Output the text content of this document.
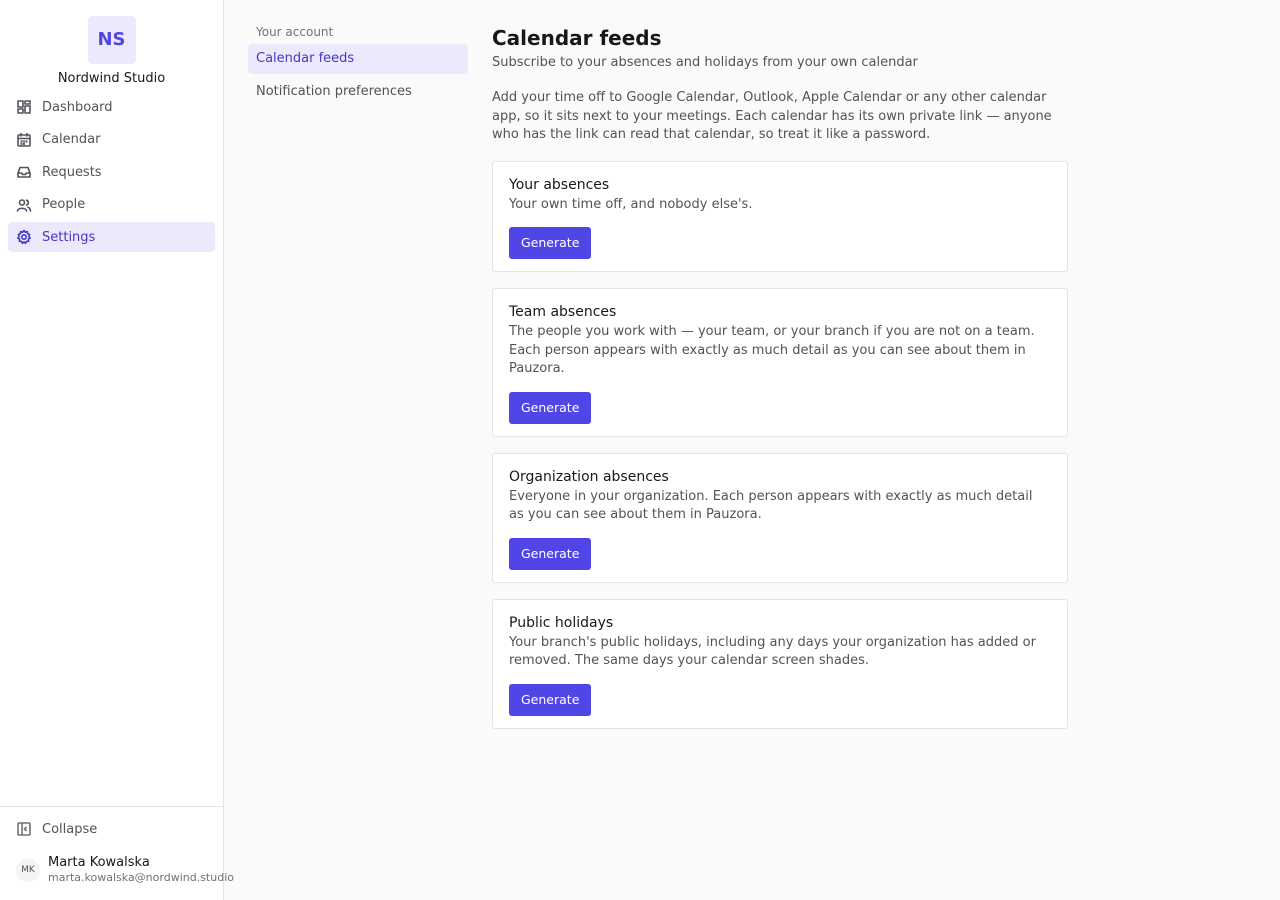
NS
Nordwind Studio
Dashboard
Calendar
Requests
People
Settings
Collapse
MK	Marta Kowalska
marta.kowalska@nordwind.studio
Your account
Calendar feeds
Notification preferences
Calendar feeds

Subscribe to your absences and holidays from your own calendar

Add your time off to Google Calendar, Outlook, Apple Calendar or any other calendar app, so it sits next to your meetings. Each calendar has its own private link — anyone who has the link can read that calendar, so treat it like a password.

Your absences
Your own time off, and nobody else's.
Generate
Team absences
The people you work with — your team, or your branch if you are not on a team. Each person appears with exactly as much detail as you can see about them in Pauzora.
Generate
Organization absences
Everyone in your organization. Each person appears with exactly as much detail as you can see about them in Pauzora.
Generate
Public holidays
Your branch's public holidays, including any days your organization has added or removed. The same days your calendar screen shades.
Generate
